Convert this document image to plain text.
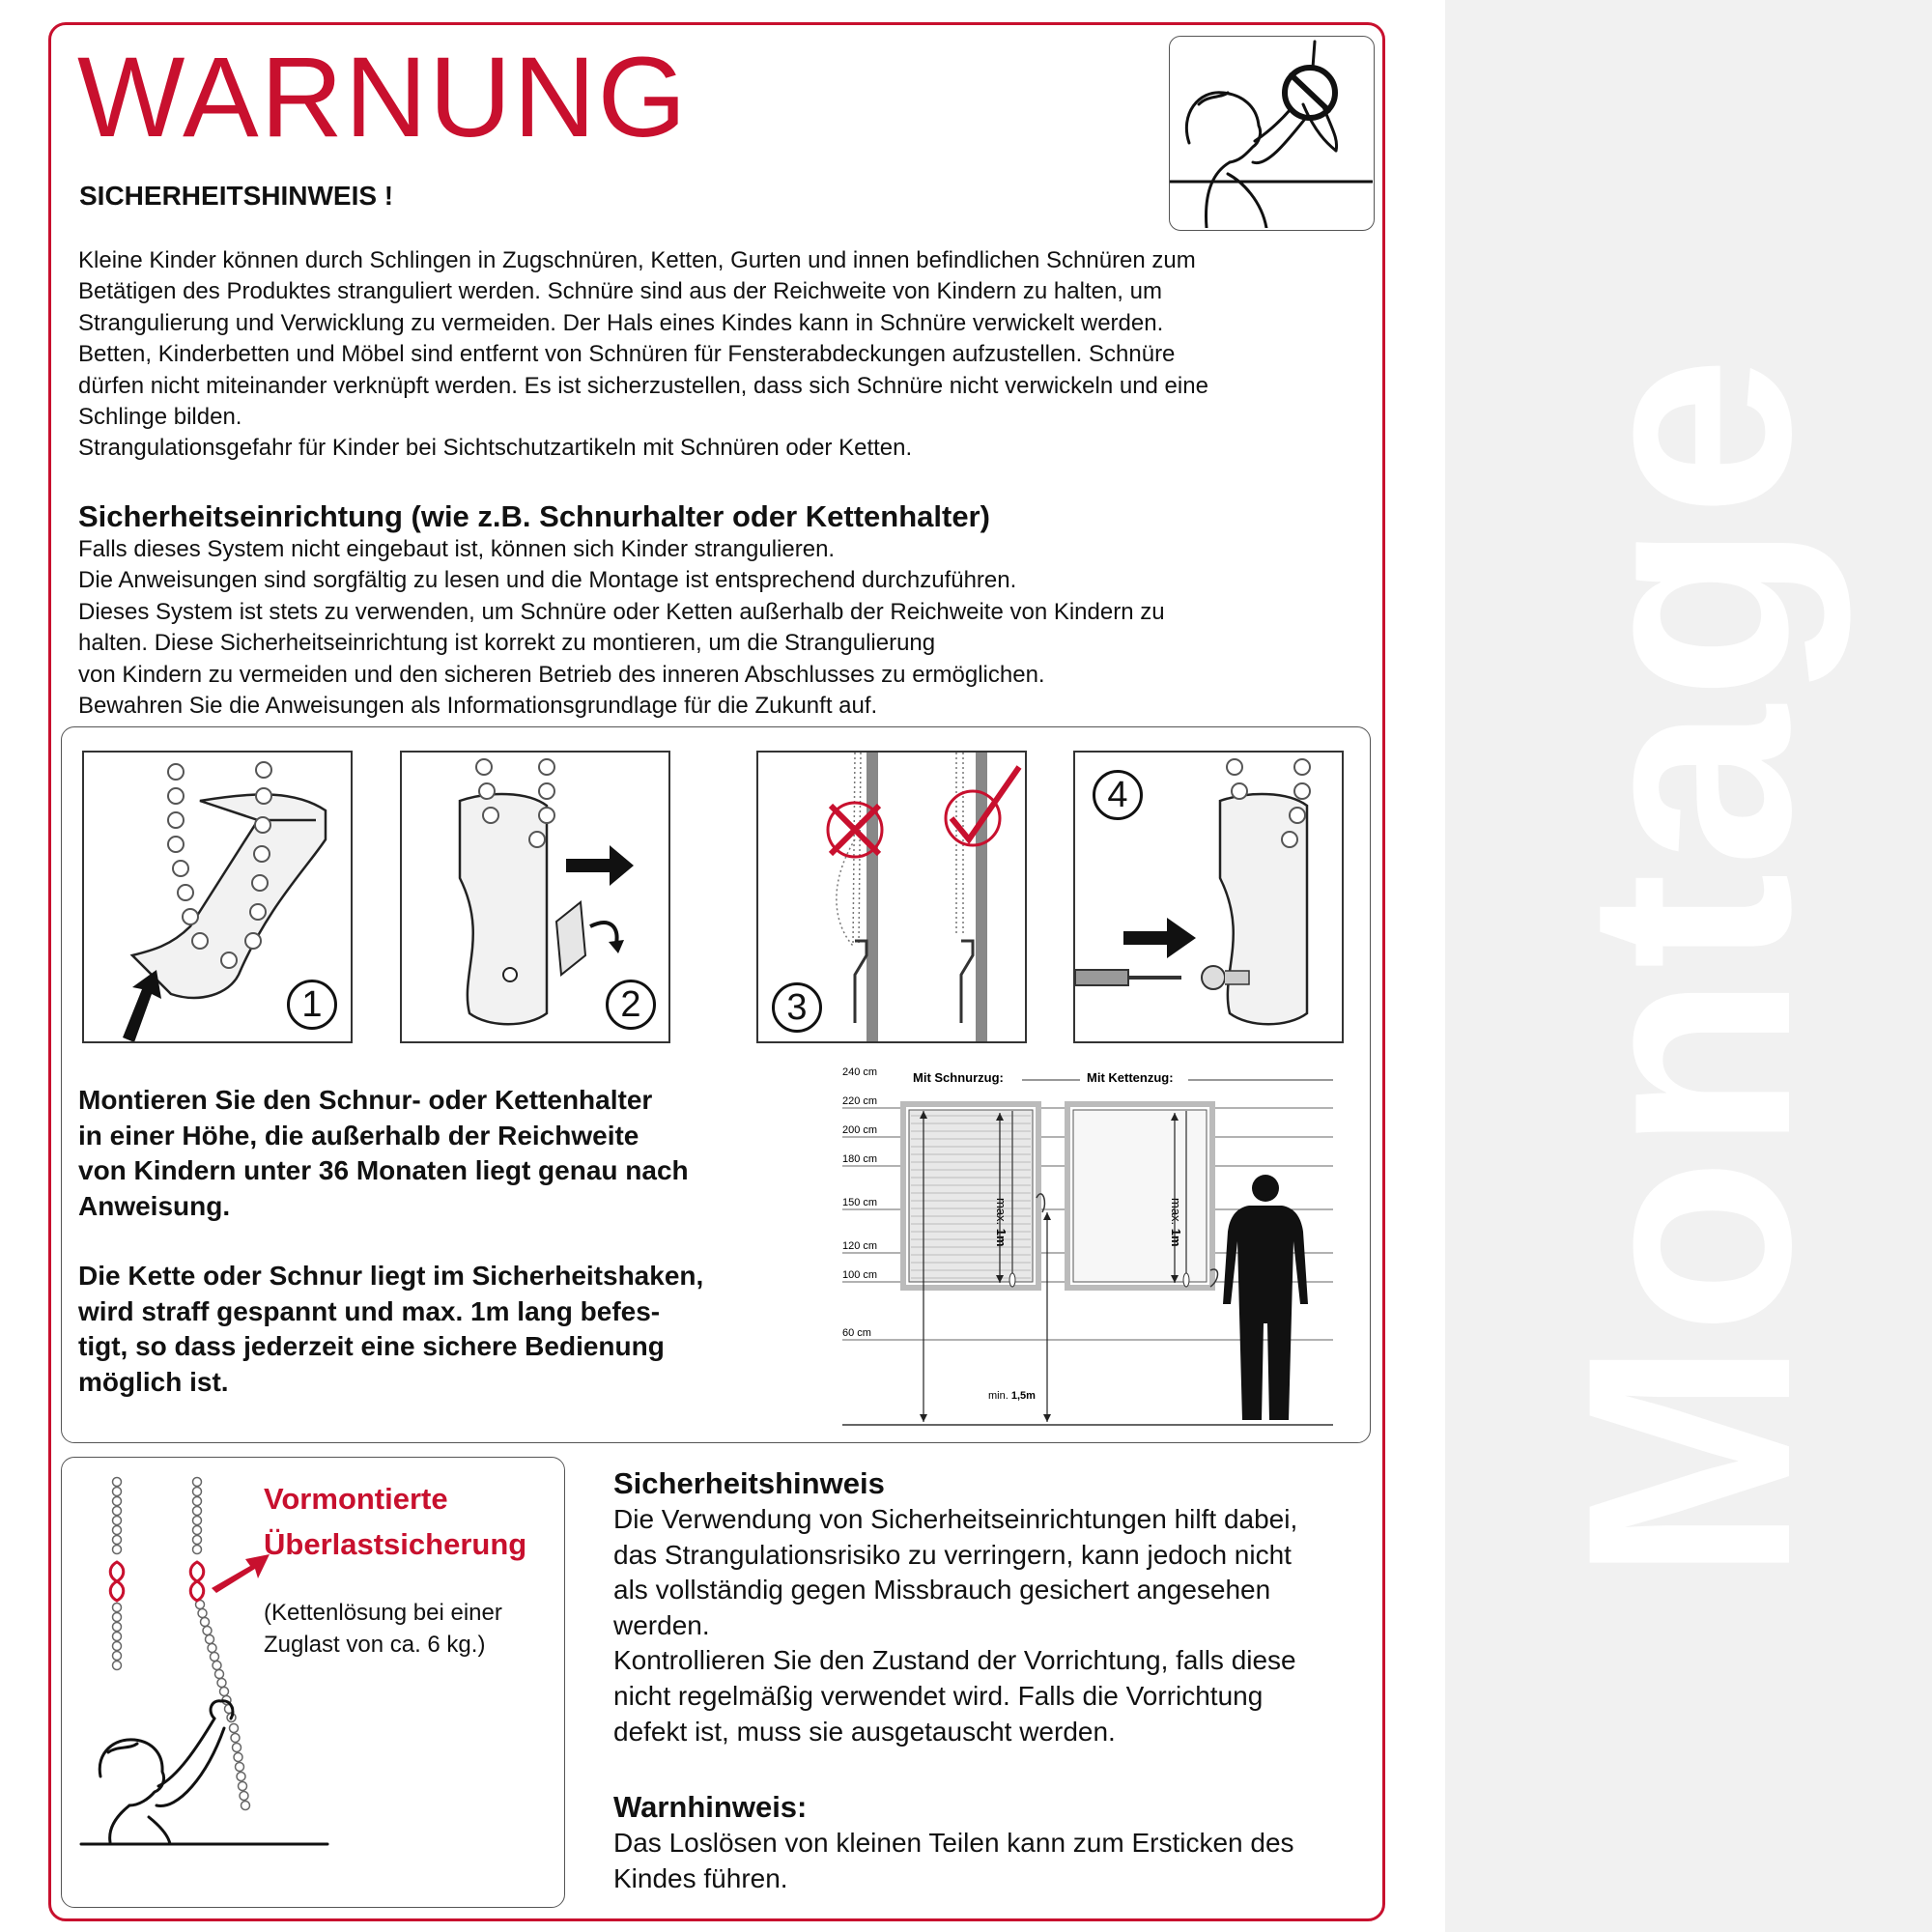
Montage
WARNUNG
SICHERHEITSHINWEIS !
Kleine Kinder können durch Schlingen in Zugschnüren, Ketten, Gurten und innen befindlichen Schnüren zum
Betätigen des Produktes stranguliert werden. Schnüre sind aus der Reichweite von Kindern zu halten, um
Strangulierung und Verwicklung zu vermeiden. Der Hals eines Kindes kann in Schnüre verwickelt werden.
Betten, Kinderbetten und Möbel sind entfernt von Schnüren für Fensterabdeckungen aufzustellen. Schnüre
dürfen nicht miteinander verknüpft werden. Es ist sicherzustellen, dass sich Schnüre nicht verwickeln und eine
Schlinge bilden.
Strangulationsgefahr für Kinder bei Sichtschutzartikeln mit Schnüren oder Ketten.
Sicherheitseinrichtung (wie z.B. Schnurhalter oder Kettenhalter)
Falls dieses System nicht eingebaut ist, können sich Kinder strangulieren.
Die Anweisungen sind sorgfältig zu lesen und die Montage ist entsprechend durchzuführen.
Dieses System ist stets zu verwenden, um Schnüre oder Ketten außerhalb der Reichweite von Kindern zu
halten. Diese Sicherheitseinrichtung ist korrekt zu montieren, um die Strangulierung
von Kindern zu vermeiden und den sicheren Betrieb des inneren Abschlusses zu ermöglichen.
Bewahren Sie die Anweisungen als Informationsgrundlage für die Zukunft auf.
1	2	3
4
Montieren Sie den Schnur- oder Kettenhalter
in einer Höhe, die außerhalb der Reichweite
von Kindern unter 36 Monaten liegt genau nach
Anweisung.
Die Kette oder Schnur liegt im Sicherheitshaken,
wird straff gespannt und max. 1m lang befes-
tigt, so dass jederzeit eine sichere Bedienung
möglich ist.
240 cm
220 cm
200 cm
180 cm
150 cm
120 cm
100 cm
60 cm
Mit Schnurzug:	Mit Kettenzug:
max. 1m
max. 1m
min. 1,5m
Vormontierte
Überlastsicherung
(Kettenlösung bei einer
Zuglast von ca. 6 kg.)
Sicherheitshinweis
Die Verwendung von Sicherheitseinrichtungen hilft dabei,
das Strangulationsrisiko zu verringern, kann jedoch nicht
als vollständig gegen Missbrauch gesichert angesehen
werden.
Kontrollieren Sie den Zustand der Vorrichtung, falls diese
nicht regelmäßig verwendet wird. Falls die Vorrichtung
defekt ist, muss sie ausgetauscht werden.
Warnhinweis:
Das Loslösen von kleinen Teilen kann zum Ersticken des
Kindes führen.
